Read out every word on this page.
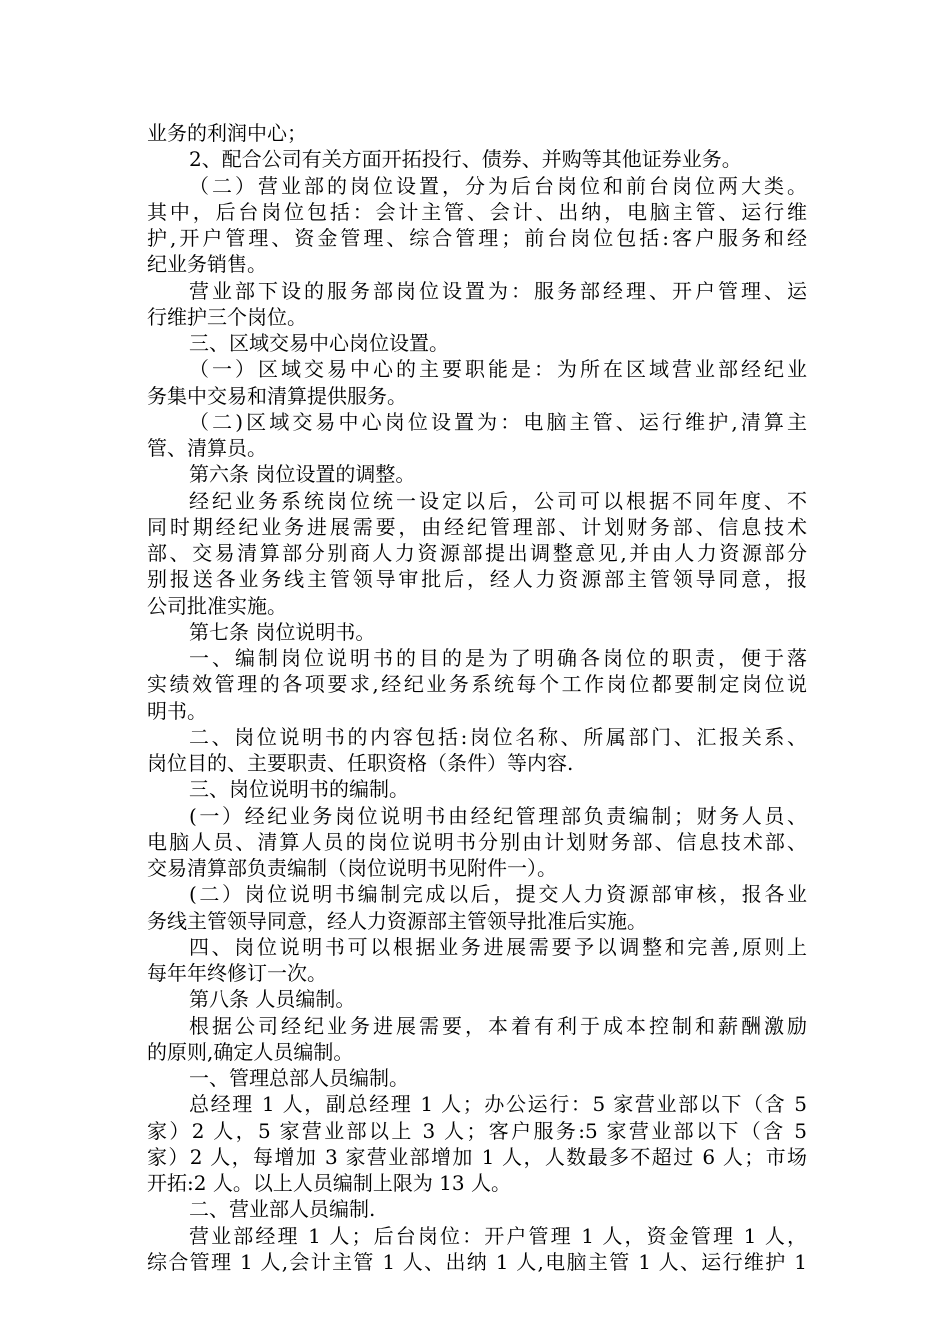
业务的利润中心；
2、配合公司有关方面开拓投行、债券、并购等其他证券业务。
（二）营业部的岗位设置，分为后台岗位和前台岗位两大类。
其中，后台岗位包括：会计主管、会计、出纳，电脑主管、运行维
护,开户管理、资金管理、综合管理；前台岗位包括:客户服务和经
纪业务销售。
营业部下设的服务部岗位设置为：服务部经理、开户管理、运
行维护三个岗位。
三、区域交易中心岗位设置。
（一）区域交易中心的主要职能是：为所在区域营业部经纪业
务集中交易和清算提供服务。
（二)区域交易中心岗位设置为：电脑主管、运行维护,清算主
管、清算员。
第六条 岗位设置的调整。
经纪业务系统岗位统一设定以后，公司可以根据不同年度、不
同时期经纪业务进展需要，由经纪管理部、计划财务部、信息技术
部、交易清算部分别商人力资源部提出调整意见,并由人力资源部分
别报送各业务线主管领导审批后，经人力资源部主管领导同意，报
公司批准实施。
第七条 岗位说明书。
一、编制岗位说明书的目的是为了明确各岗位的职责，便于落
实绩效管理的各项要求,经纪业务系统每个工作岗位都要制定岗位说
明书。
二、岗位说明书的内容包括:岗位名称、所属部门、汇报关系、
岗位目的、主要职责、任职资格（条件）等内容.
三、岗位说明书的编制。
(一）经纪业务岗位说明书由经纪管理部负责编制；财务人员、
电脑人员、清算人员的岗位说明书分别由计划财务部、信息技术部、
交易清算部负责编制（岗位说明书见附件一）。
(二）岗位说明书编制完成以后，提交人力资源部审核，报各业
务线主管领导同意，经人力资源部主管领导批准后实施。
四、岗位说明书可以根据业务进展需要予以调整和完善,原则上
每年年终修订一次。
第八条 人员编制。
根据公司经纪业务进展需要，本着有利于成本控制和薪酬激励
的原则,确定人员编制。
一、管理总部人员编制。
总经理 1 人，副总经理 1 人；办公运行：5 家营业部以下（含 5
家）2 人，5 家营业部以上 3 人；客户服务:5 家营业部以下（含 5
家）2 人，每增加 3 家营业部增加 1 人，人数最多不超过 6 人；市场
开拓:2 人。以上人员编制上限为 13 人。
二、营业部人员编制.
营业部经理 1 人；后台岗位：开户管理 1 人，资金管理 1 人，
综合管理 1 人,会计主管 1 人、出纳 1 人,电脑主管 1 人、运行维护 1
